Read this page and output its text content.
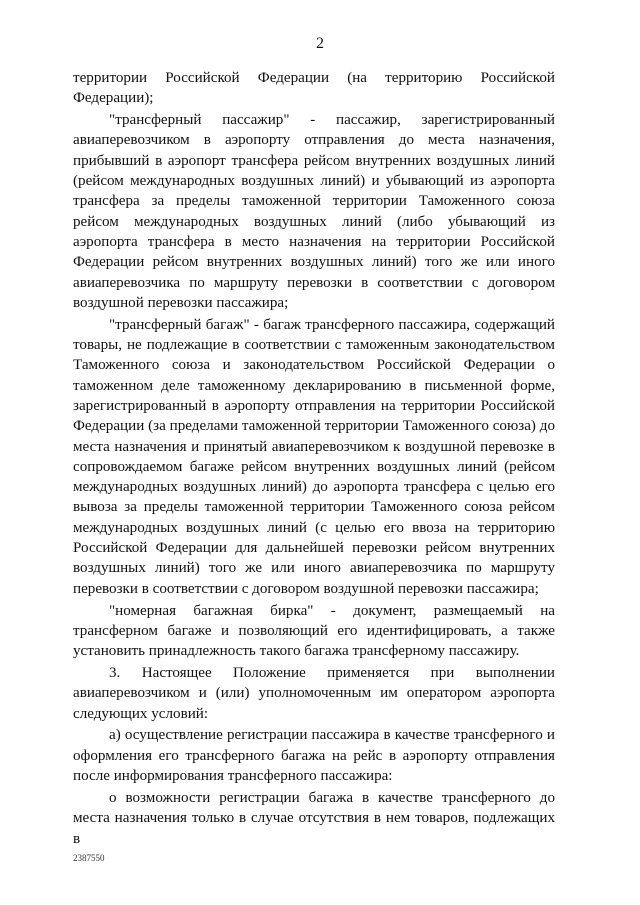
2

территории Российской Федерации (на территорию Российской Федерации);

"трансферный пассажир" - пассажир, зарегистрированный авиаперевозчиком в аэропорту отправления до места назначения, прибывший в аэропорт трансфера рейсом внутренних воздушных линий (рейсом международных воздушных линий) и убывающий из аэропорта трансфера за пределы таможенной территории Таможенного союза рейсом международных воздушных линий (либо убывающий из аэропорта трансфера в место назначения на территории Российской Федерации рейсом внутренних воздушных линий) того же или иного авиаперевозчика по маршруту перевозки в соответствии с договором воздушной перевозки пассажира;

"трансферный багаж" - багаж трансферного пассажира, содержащий товары, не подлежащие в соответствии с таможенным законодательством Таможенного союза и законодательством Российской Федерации о таможенном деле таможенному декларированию в письменной форме, зарегистрированный в аэропорту отправления на территории Российской Федерации (за пределами таможенной территории Таможенного союза) до места назначения и принятый авиаперевозчиком к воздушной перевозке в сопровождаемом багаже рейсом внутренних воздушных линий (рейсом международных воздушных линий) до аэропорта трансфера с целью его вывоза за пределы таможенной территории Таможенного союза рейсом международных воздушных линий (с целью его ввоза на территорию Российской Федерации для дальнейшей перевозки рейсом внутренних воздушных линий) того же или иного авиаперевозчика по маршруту перевозки в соответствии с договором воздушной перевозки пассажира;

"номерная багажная бирка" - документ, размещаемый на трансферном багаже и позволяющий его идентифицировать, а также установить принадлежность такого багажа трансферному пассажиру.

3. Настоящее Положение применяется при выполнении авиаперевозчиком и (или) уполномоченным им оператором аэропорта следующих условий:

а) осуществление регистрации пассажира в качестве трансферного и оформления его трансферного багажа на рейс в аэропорту отправления после информирования трансферного пассажира:

о возможности регистрации багажа в качестве трансферного до места назначения только в случае отсутствия в нем товаров, подлежащих в

2387550
